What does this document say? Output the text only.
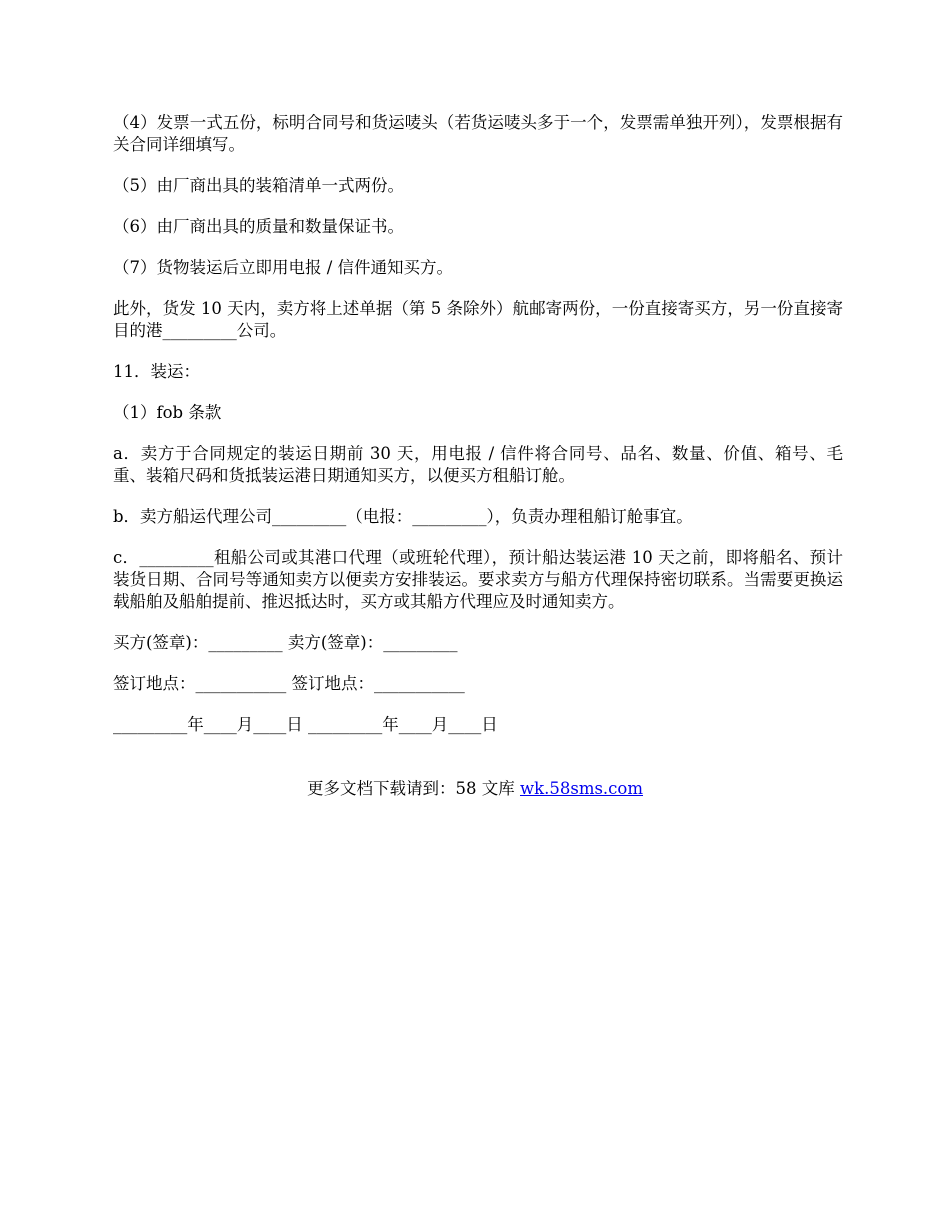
（4）发票一式五份，标明合同号和货运唛头（若货运唛头多于一个，发票需单独开列），发票根据有关合同详细填写。

（5）由厂商出具的装箱清单一式两份。

（6）由厂商出具的质量和数量保证书。

（7）货物装运后立即用电报 / 信件通知买方。

此外，货发 10 天内，卖方将上述单据（第 5 条除外）航邮寄两份，一份直接寄买方，另一份直接寄目的港_________公司。

11．装运：

（1）fob 条款

a．卖方于合同规定的装运日期前 30 天，用电报 / 信件将合同号、品名、数量、价值、箱号、毛重、装箱尺码和货抵装运港日期通知买方，以便买方租船订舱。

b．卖方船运代理公司_________（电报：_________），负责办理租船订舱事宜。

c．_________租船公司或其港口代理（或班轮代理），预计船达装运港 10 天之前，即将船名、预计装货日期、合同号等通知卖方以便卖方安排装运。要求卖方与船方代理保持密切联系。当需要更换运载船舶及船舶提前、推迟抵达时，买方或其船方代理应及时通知卖方。

买方(签章)：_________ 卖方(签章)：_________

签订地点：___________ 签订地点：___________

_________年____月____日 _________年____月____日

更多文档下载请到：58 文库 wk.58sms.com
